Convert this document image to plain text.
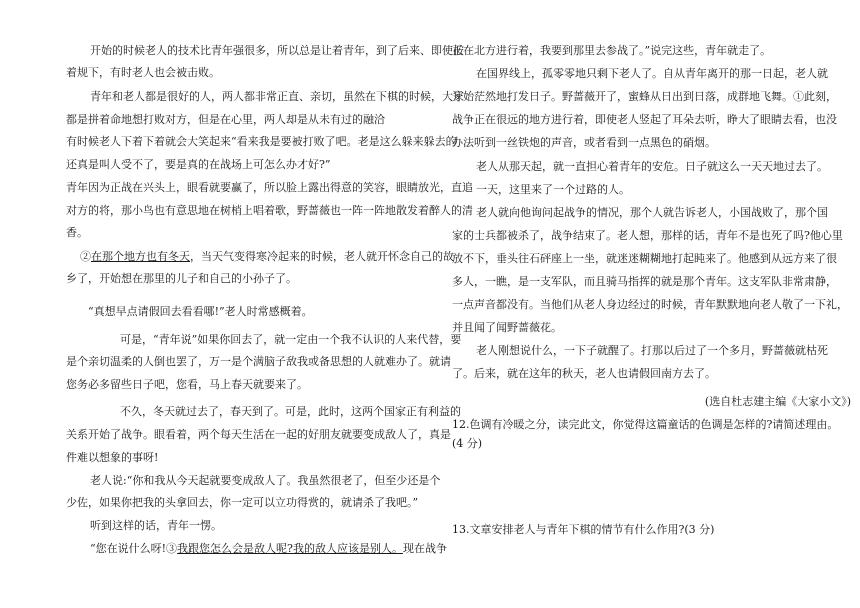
开始的时候老人的技术比青年强很多，所以总是让着青年，到了后来、即使按
着规下，有时老人也会被击败。
青年和老人都是很好的人，两人都非常正直、亲切，虽然在下棋的时候，大家
都是拼着命地想打败对方，但是在心里，两人却是从未有过的融洽
有时候老人下着下着就会大笑起来“看来我是要被打败了吧。老是这么躲来躲去的
还真是叫人受不了，要是真的在战场上可怎么办才好?”
青年因为正战在兴头上，眼看就要赢了，所以脸上露出得意的笑容，眼睛放光，直追
对方的将，那小鸟也有意思地在树梢上唱着歌，野蔷薇也一阵一阵地散发着醉人的清
香。
②在那个地方也有冬天，当天气变得寒冷起来的时候，老人就开怀念自己的故
乡了，开始想在那里的儿子和自己的小孙子了。
“真想早点请假回去看看哪!”老人时常感概着。
可是，“青年说”如果你回去了，就一定由一个我不认识的人来代替，要
是个亲切温柔的人倒也罢了，万一是个满脑子敌我或备思想的人就难办了。就请
您务必多留些日子吧，您看，马上春天就要来了。
不久，冬天就过去了，春天到了。可是，此时，这两个国家正有利益的
关系开始了战争。眼看着，两个每天生活在一起的好朋友就要变成敌人了，真是
件难以想象的事呀!
老人说:“你和我从今天起就要变成敌人了。我虽然很老了，但至少还是个
少佐，如果你把我的头拿回去，你一定可以立功得赏的，就请杀了我吧。”
听到这样的话，青年一愣。
“您在说什么呀!③我跟您怎么会是敌人呢?我的敌人应该是别人。现在战争
正在北方进行着，我要到那里去参战了。”说完这些，青年就走了。
在国界线上，孤零零地只剩下老人了。自从青年离开的那一日起，老人就
开始茫然地打发日子。野蔷薇开了，蜜蜂从日出到日落，成群地飞舞。①此刻，
战争正在很远的地方进行着，即使老人竖起了耳朵去听，睁大了眼睛去看，也没
办法听到一丝铁炮的声音，或者看到一点黑色的硝烟。
老人从那天起，就一直担心着青年的安危。日子就这么一天天地过去了。
一天，这里来了一个过路的人。
老人就向他询问起战争的情况，那个人就告诉老人，小国战败了，那个国
家的士兵都被杀了，战争结束了。老人想，那样的话，青年不是也死了吗?他心里
放不下，垂头往石砰座上一坐，就迷迷糊糊地打起盹来了。他感到从远方来了很
多人，一瞧，是一支军队，而且骑马指挥的就是那个青年。这支军队非常肃静，
一点声音都没有。当他们从老人身边经过的时候，青年默默地向老人敬了一下礼，
并且闻了闻野蔷薇花。
老人刚想说什么，一下子就醒了。打那以后过了一个多月，野蔷薇就枯死
了。后来，就在这年的秋天，老人也请假回南方去了。
(选自杜志建主编《大家小文》)
12.色调有冷暖之分，读完此文，你觉得这篇童话的色调是怎样的?请简述理由。
(4 分)
13.文章安排老人与青年下棋的情节有什么作用?(3 分)
